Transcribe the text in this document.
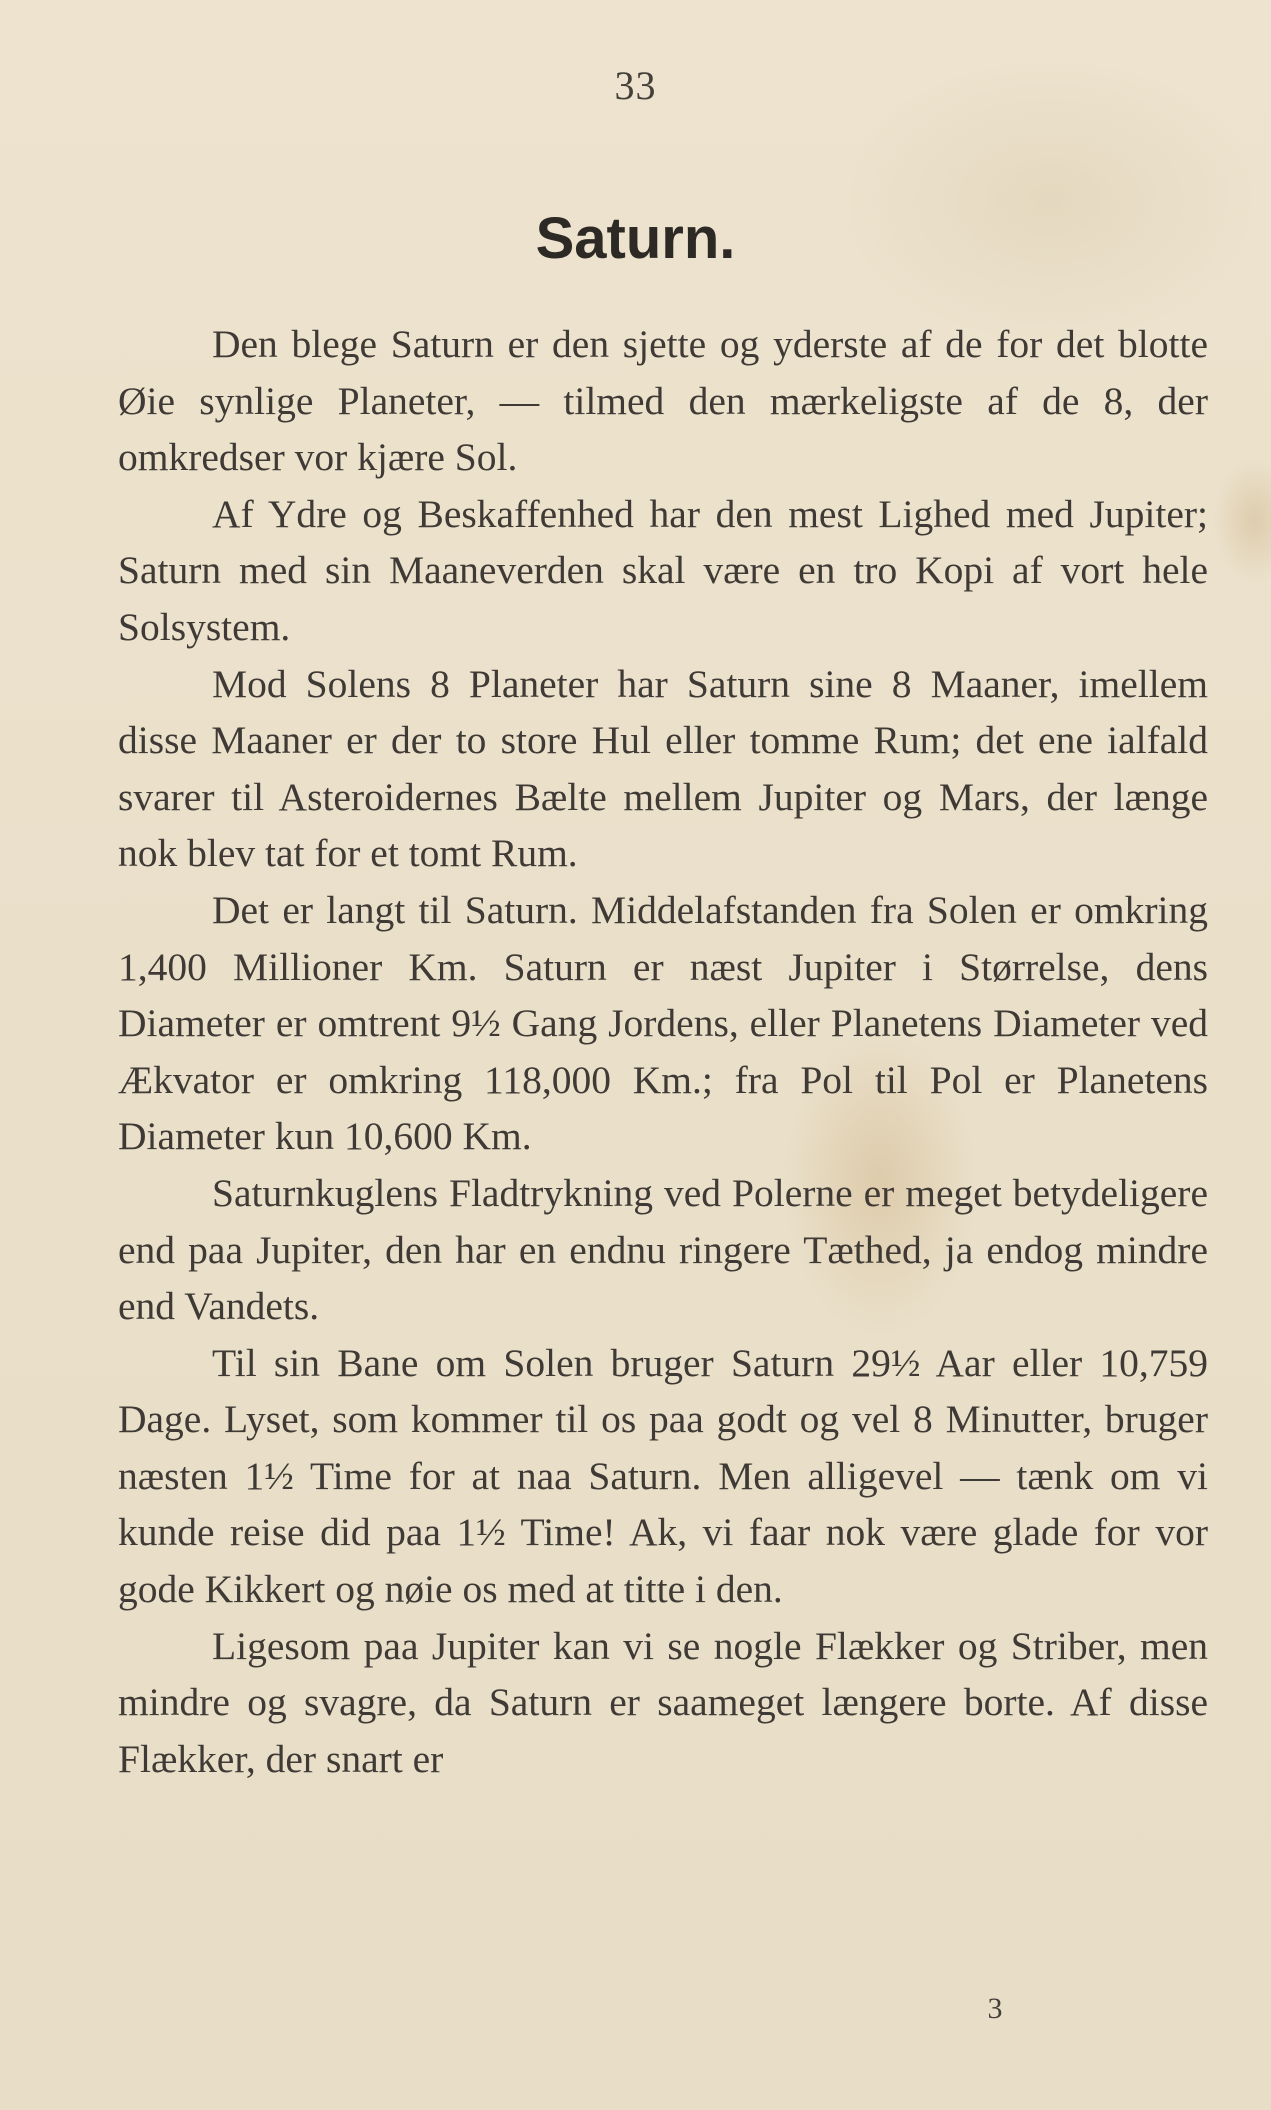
33
Saturn.

Den blege Saturn er den sjette og yderste af de for det blotte Øie synlige Planeter, — tilmed den mærkeligste af de 8, der omkredser vor kjære Sol.

Af Ydre og Beskaffenhed har den mest Lighed med Jupiter; Saturn med sin Maaneverden skal være en tro Kopi af vort hele Solsystem.

Mod Solens 8 Planeter har Saturn sine 8 Maaner, imellem disse Maaner er der to store Hul eller tomme Rum; det ene ialfald svarer til Asteroidernes Bælte mellem Jupiter og Mars, der længe nok blev tat for et tomt Rum.

Det er langt til Saturn. Middelafstanden fra Solen er omkring 1,400 Millioner Km. Saturn er næst Jupiter i Størrelse, dens Diameter er omtrent 9½ Gang Jordens, eller Planetens Diameter ved Ækvator er omkring 118,000 Km.; fra Pol til Pol er Planetens Diameter kun 10,600 Km.

Saturnkuglens Fladtrykning ved Polerne er meget betydeligere end paa Jupiter, den har en endnu ringere Tæthed, ja endog mindre end Vandets.

Til sin Bane om Solen bruger Saturn 29½ Aar eller 10,759 Dage. Lyset, som kommer til os paa godt og vel 8 Minutter, bruger næsten 1½ Time for at naa Saturn. Men alligevel — tænk om vi kunde reise did paa 1½ Time! Ak, vi faar nok være glade for vor gode Kikkert og nøie os med at titte i den.

Ligesom paa Jupiter kan vi se nogle Flækker og Striber, men mindre og svagre, da Saturn er saameget længere borte. Af disse Flækker, der snart er

3
